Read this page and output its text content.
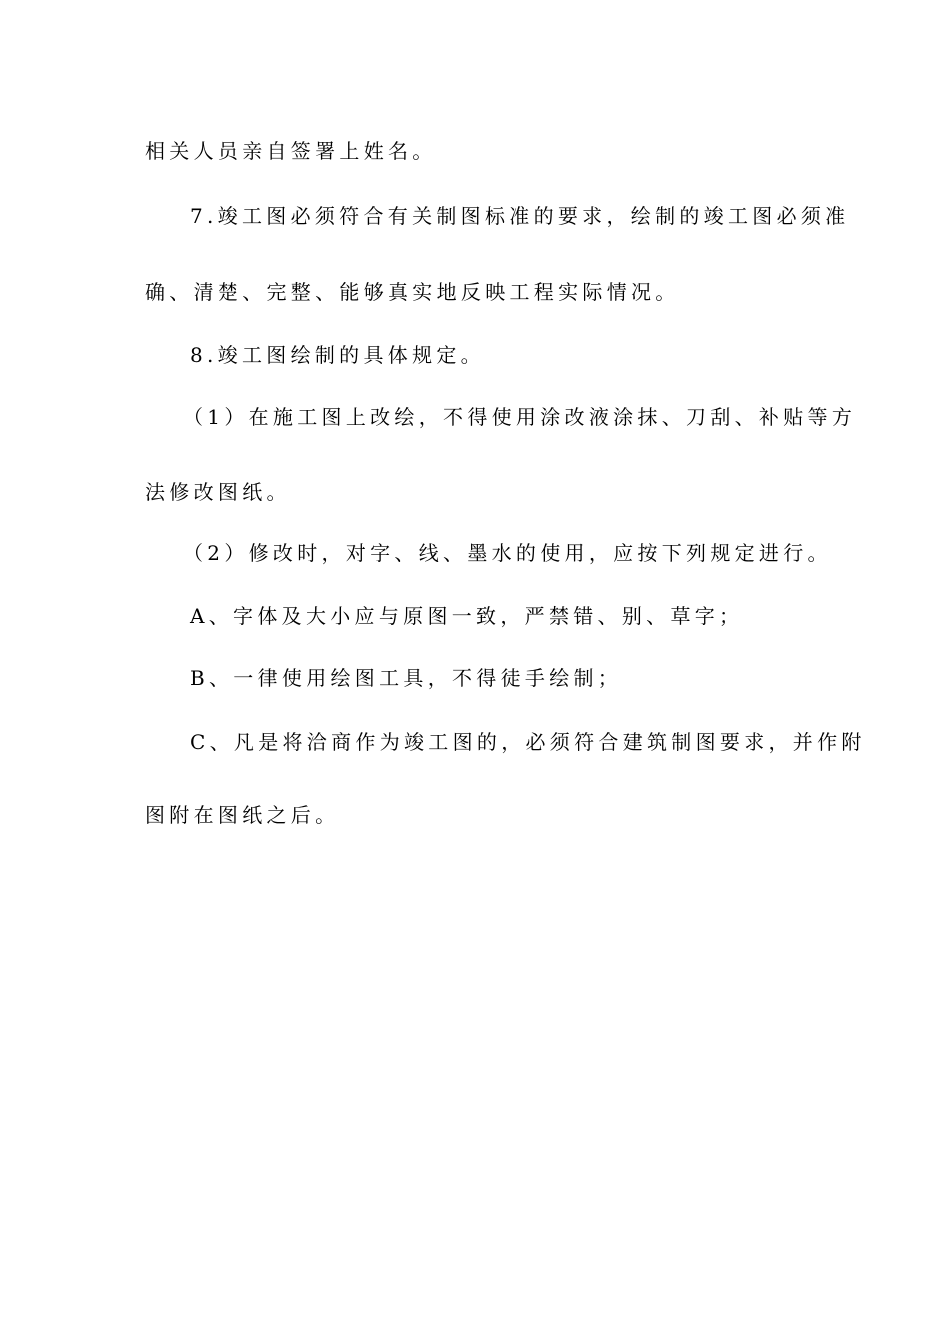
相关人员亲自签署上姓名。
7.竣工图必须符合有关制图标准的要求，绘制的竣工图必须准
确、清楚、完整、能够真实地反映工程实际情况。
8.竣工图绘制的具体规定。
（1）在施工图上改绘，不得使用涂改液涂抹、刀刮、补贴等方
法修改图纸。
（2）修改时，对字、线、墨水的使用，应按下列规定进行。
A、字体及大小应与原图一致，严禁错、别、草字；
B、一律使用绘图工具，不得徒手绘制；
C、凡是将洽商作为竣工图的，必须符合建筑制图要求，并作附
图附在图纸之后。
